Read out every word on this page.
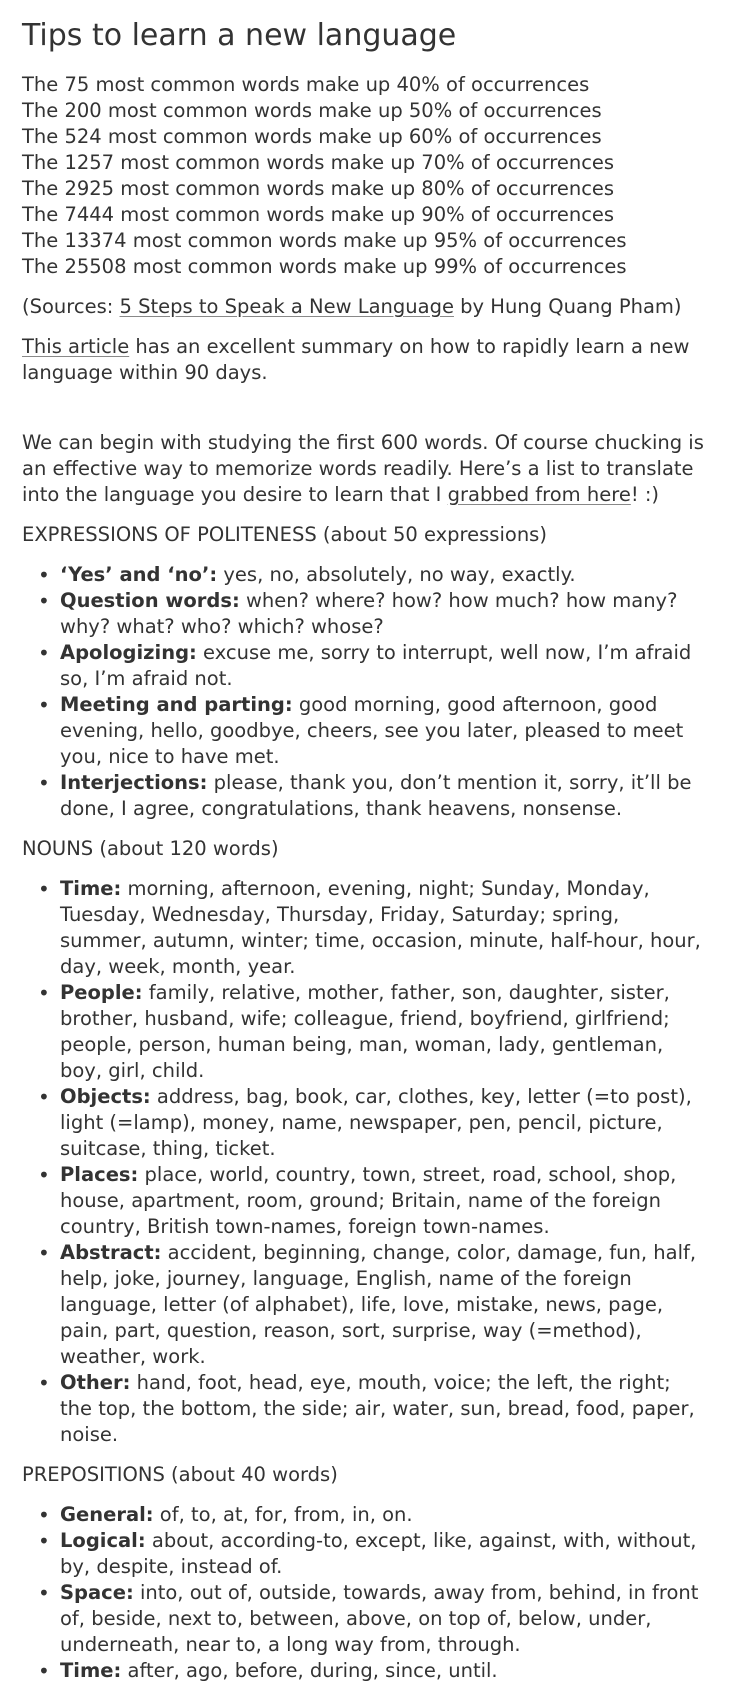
Tips to learn a new language

The 75 most common words make up 40% of occurrences

The 200 most common words make up 50% of occurrences

The 524 most common words make up 60% of occurrences

The 1257 most common words make up 70% of occurrences

The 2925 most common words make up 80% of occurrences

The 7444 most common words make up 90% of occurrences

The 13374 most common words make up 95% of occurrences

The 25508 most common words make up 99% of occurrences

(Sources: 5 Steps to Speak a New Language by Hung Quang Pham)

This article has an excellent summary on how to rapidly learn a new language within 90 days.

We can begin with studying the first 600 words. Of course chucking is an effective way to memorize words readily. Here’s a list to translate into the language you desire to learn that I grabbed from here! :)

EXPRESSIONS OF POLITENESS (about 50 expressions)

• ‘Yes’ and ‘no’: yes, no, absolutely, no way, exactly.
• Question words: when? where? how? how much? how many? why? what? who? which? whose?
• Apologizing: excuse me, sorry to interrupt, well now, I’m afraid so, I’m afraid not.
• Meeting and parting: good morning, good afternoon, good evening, hello, goodbye, cheers, see you later, pleased to meet you, nice to have met.
• Interjections: please, thank you, don’t mention it, sorry, it’ll be done, I agree, congratulations, thank heavens, nonsense.

NOUNS (about 120 words)

• Time: morning, afternoon, evening, night; Sunday, Monday, Tuesday, Wednesday, Thursday, Friday, Saturday; spring, summer, autumn, winter; time, occasion, minute, half-hour, hour, day, week, month, year.
• People: family, relative, mother, father, son, daughter, sister, brother, husband, wife; colleague, friend, boyfriend, girlfriend; people, person, human being, man, woman, lady, gentleman, boy, girl, child.
• Objects: address, bag, book, car, clothes, key, letter (=to post), light (=lamp), money, name, newspaper, pen, pencil, picture, suitcase, thing, ticket.
• Places: place, world, country, town, street, road, school, shop, house, apartment, room, ground; Britain, name of the foreign country, British town-names, foreign town-names.
• Abstract: accident, beginning, change, color, damage, fun, half, help, joke, journey, language, English, name of the foreign language, letter (of alphabet), life, love, mistake, news, page, pain, part, question, reason, sort, surprise, way (=method), weather, work.
• Other: hand, foot, head, eye, mouth, voice; the left, the right; the top, the bottom, the side; air, water, sun, bread, food, paper, noise.

PREPOSITIONS (about 40 words)

• General: of, to, at, for, from, in, on.
• Logical: about, according-to, except, like, against, with, without, by, despite, instead of.
• Space: into, out of, outside, towards, away from, behind, in front of, beside, next to, between, above, on top of, below, under, underneath, near to, a long way from, through.
• Time: after, ago, before, during, since, until.
